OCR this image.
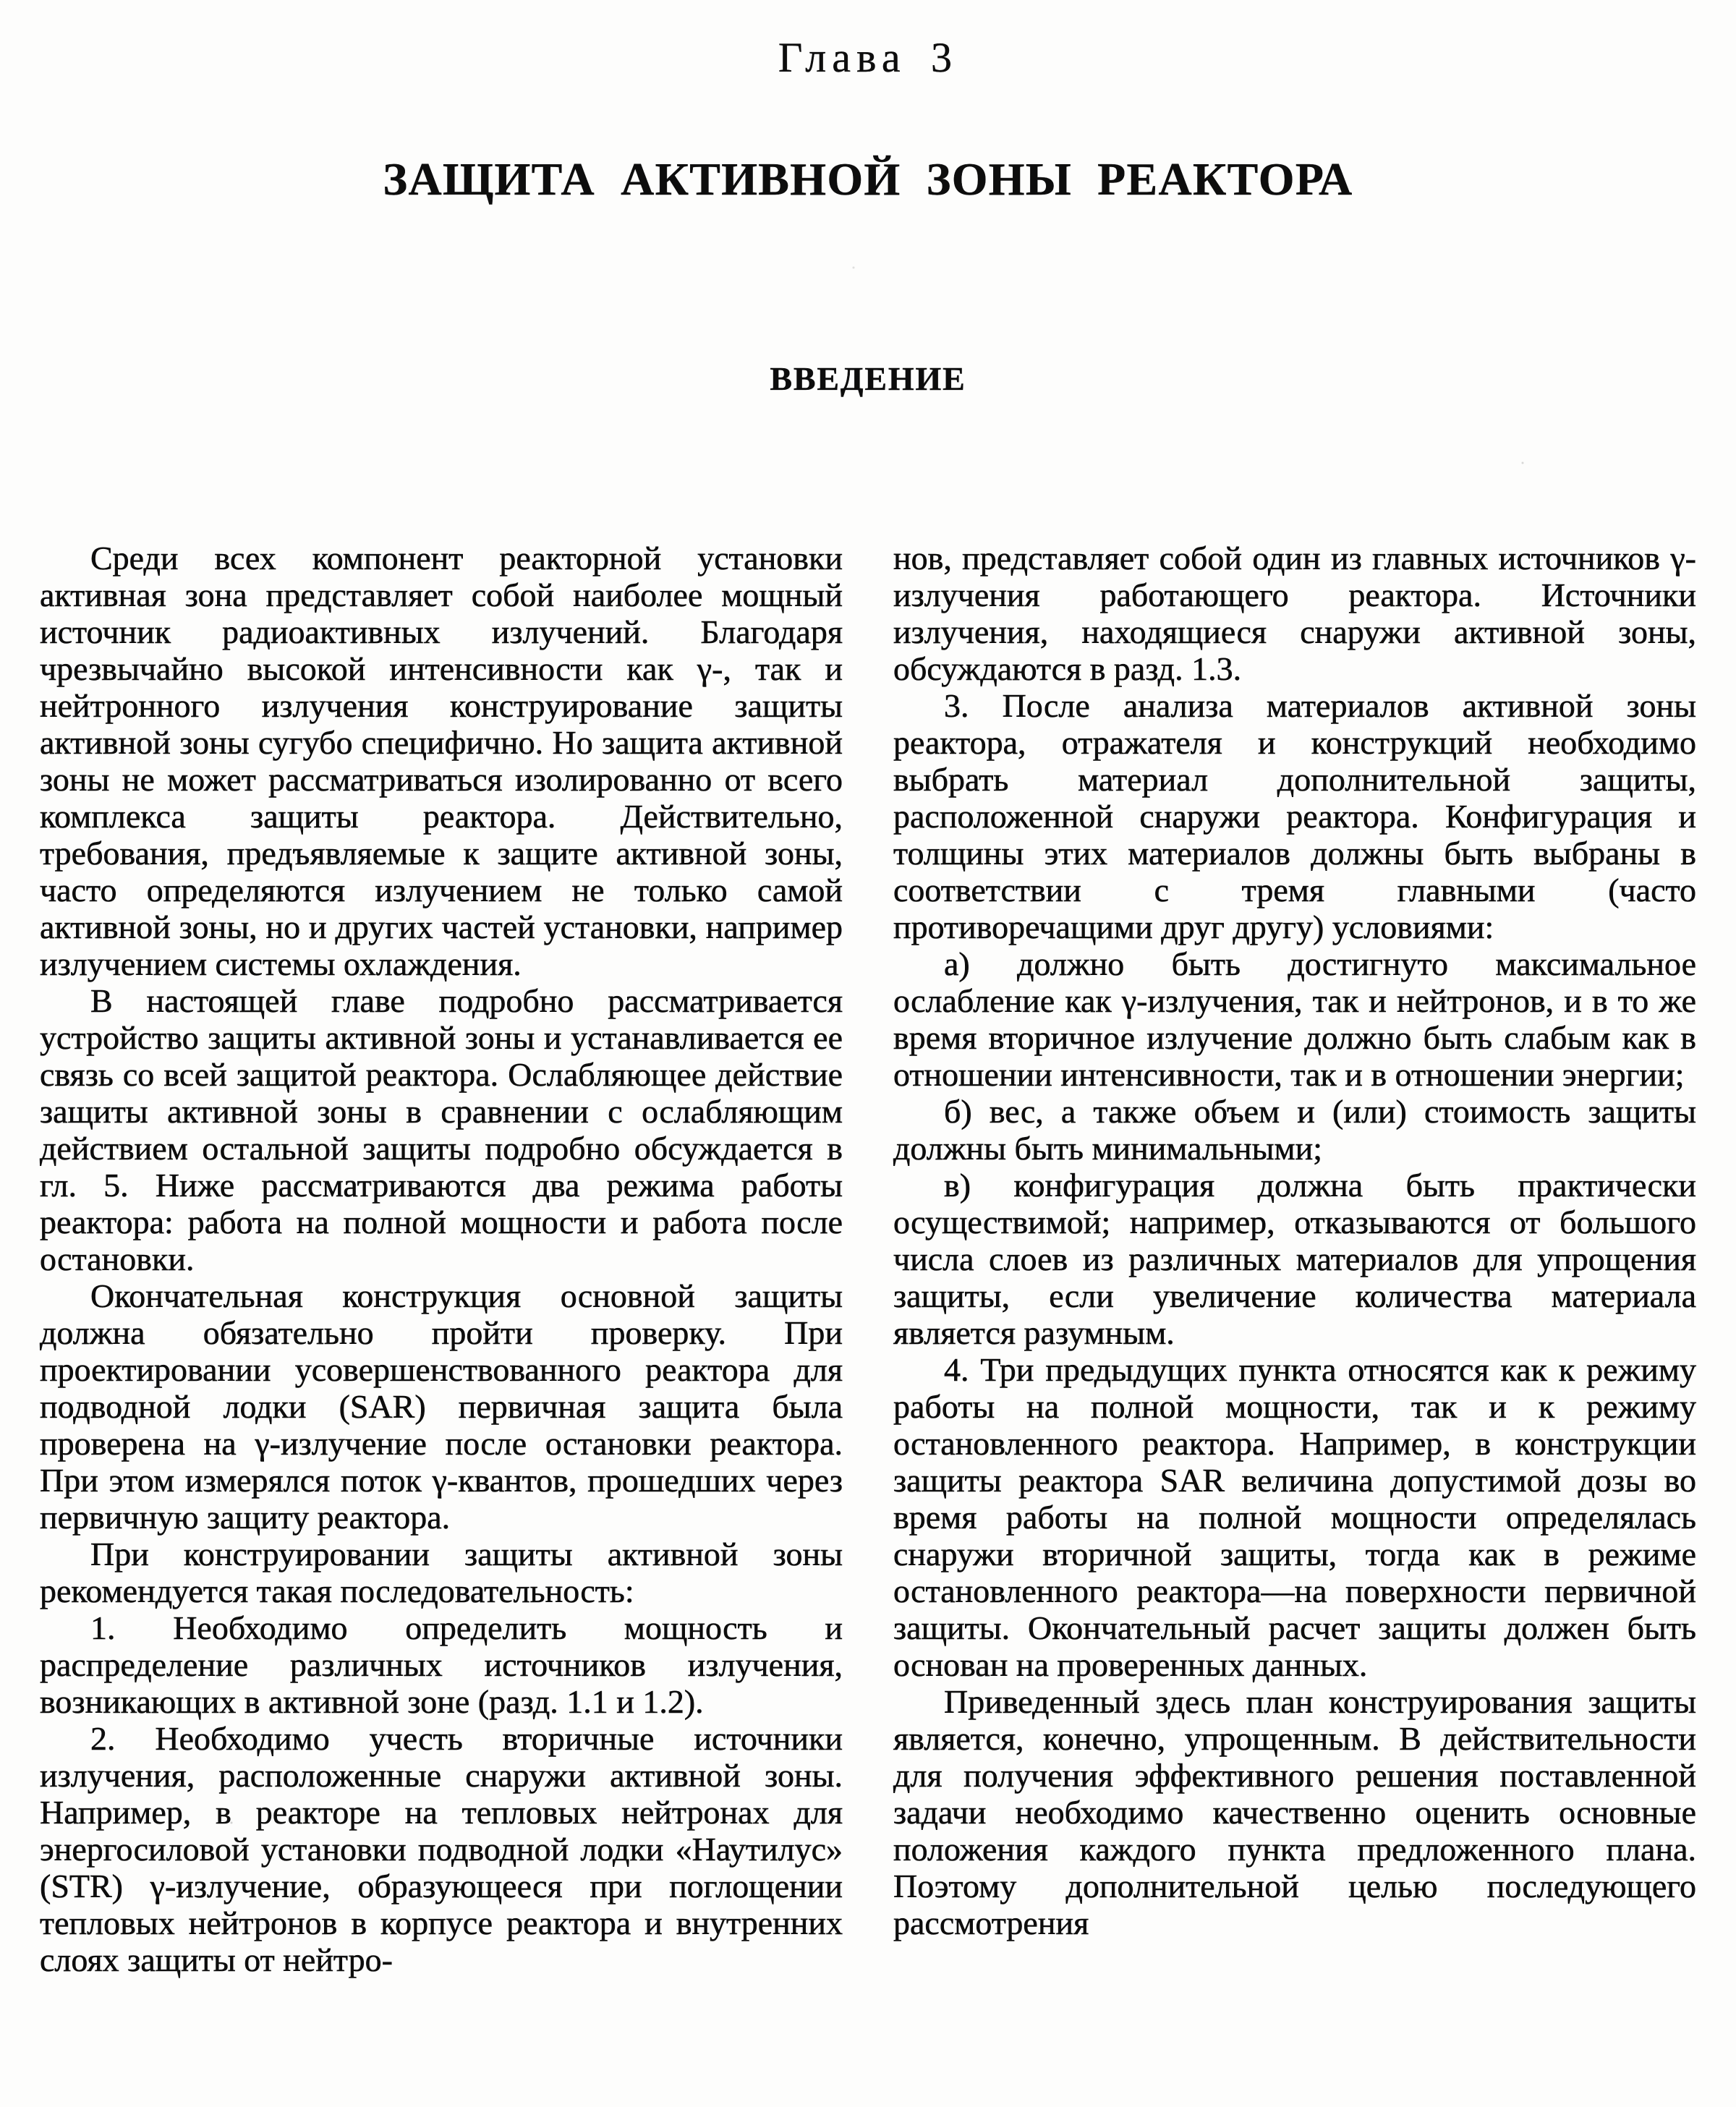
Глава 3
ЗАЩИТА АКТИВНОЙ ЗОНЫ РЕАКТОРА
ВВЕДЕНИЕ

Среди всех компонент реакторной установки активная зона представляет собой наиболее мощный источник радиоактивных излучений. Благодаря чрезвычайно высокой интенсивности как γ-, так и нейтронного излучения конструирование защиты активной зоны сугубо специфично. Но защита активной зоны не может рассматриваться изолированно от всего комплекса защиты реактора. Действительно, требования, предъявляемые к защите активной зоны, часто определяются излучением не только самой активной зоны, но и других частей установки, например излучением системы охлаждения.

В настоящей главе подробно рассматривается устройство защиты активной зоны и устанавливается ее связь со всей защитой реактора. Ослабляющее действие защиты активной зоны в сравнении с ослабляющим действием остальной защиты подробно обсуждается в гл. 5. Ниже рассматриваются два режима работы реактора: работа на полной мощности и работа после остановки.

Окончательная конструкция основной защиты должна обязательно пройти проверку. При проектировании усовершенствованного реактора для подводной лодки (SAR) первичная защита была проверена на γ-излучение после остановки реактора. При этом измерялся поток γ-квантов, прошедших через первичную защиту реактора.

При конструировании защиты активной зоны рекомендуется такая последовательность:

1. Необходимо определить мощность и распределение различных источников излучения, возникающих в активной зоне (разд. 1.1 и 1.2).

2. Необходимо учесть вторичные источники излучения, расположенные снаружи активной зоны. Например, в реакторе на тепловых нейтронах для энергосиловой установки подводной лодки «Наутилус» (STR) γ-излучение, образующееся при поглощении тепловых нейтронов в корпусе реактора и внутренних слоях защиты от нейтро-

нов, представляет собой один из главных источников γ-излучения работающего реактора. Источники излучения, находящиеся снаружи активной зоны, обсуждаются в разд. 1.3.

3. После анализа материалов активной зоны реактора, отражателя и конструкций необходимо выбрать материал дополнительной защиты, расположенной снаружи реактора. Конфигурация и толщины этих материалов должны быть выбраны в соответствии с тремя главными (часто противоречащими друг другу) условиями:

а) должно быть достигнуто максимальное ослабление как γ-излучения, так и нейтронов, и в то же время вторичное излучение должно быть слабым как в отношении интенсивности, так и в отношении энергии;

б) вес, а также объем и (или) стоимость защиты должны быть минимальными;

в) конфигурация должна быть практически осуществимой; например, отказываются от большого числа слоев из различных материалов для упрощения защиты, если увеличение количества материала является разумным.

4. Три предыдущих пункта относятся как к режиму работы на полной мощности, так и к режиму остановленного реактора. Например, в конструкции защиты реактора SAR величина допустимой дозы во время работы на полной мощности определялась снаружи вторичной защиты, тогда как в режиме остановленного реактора—на поверхности первичной защиты. Окончательный расчет защиты должен быть основан на проверенных данных.

Приведенный здесь план конструирования защиты является, конечно, упрощенным. В действительности для получения эффективного решения поставленной задачи необходимо качественно оценить основные положения каждого пункта предложенного плана. Поэтому дополнительной целью последующего рассмотрения
